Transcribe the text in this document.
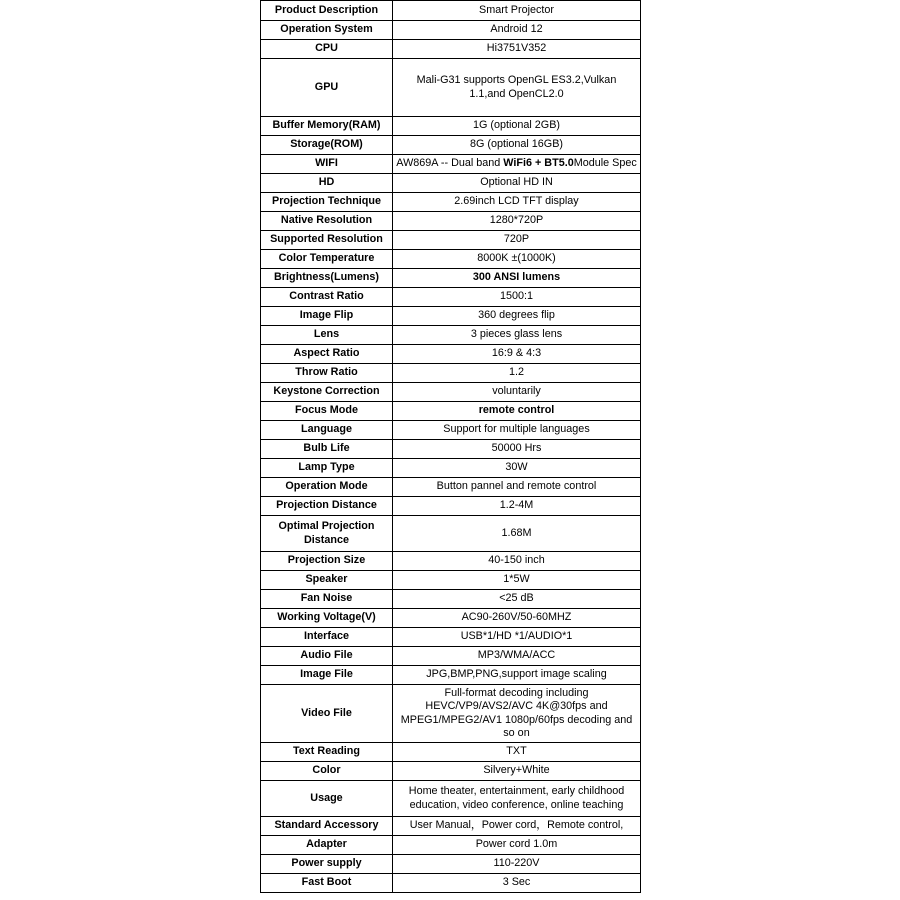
Product Description	Smart Projector
Operation System	Android 12
CPU	Hi3751V352
GPU	Mali-G31 supports OpenGL ES3.2,Vulkan 1.1,and OpenCL2.0
Buffer Memory(RAM)	1G (optional 2GB)
Storage(ROM)	8G (optional 16GB)
WIFI	AW869A -- Dual band WiFi6 + BT5.0Module Spec
HD	Optional HD IN
Projection Technique	2.69inch LCD TFT display
Native Resolution	1280*720P
Supported Resolution	720P
Color Temperature	8000K ±(1000K)
Brightness(Lumens)	300 ANSI lumens
Contrast Ratio	1500:1
Image Flip	360 degrees flip
Lens	3 pieces glass lens
Aspect Ratio	16:9 & 4:3
Throw Ratio	1.2
Keystone Correction	voluntarily
Focus Mode	remote control
Language	Support for multiple languages
Bulb Life	50000 Hrs
Lamp Type	30W
Operation Mode	Button pannel and remote control
Projection Distance	1.2-4M
Optimal Projection Distance	1.68M
Projection Size	40-150 inch
Speaker	1*5W
Fan Noise	<25 dB
Working Voltage(V)	AC90-260V/50-60MHZ
Interface	USB*1/HD *1/AUDIO*1
Audio File	MP3/WMA/ACC
Image File	JPG,BMP,PNG,support image scaling
Video File	Full-format decoding including HEVC/VP9/AVS2/AVC 4K@30fps and MPEG1/MPEG2/AV1 1080p/60fps decoding and so on
Text Reading	TXT
Color	Silvery+White
Usage	Home theater, entertainment, early childhood education, video conference, online teaching
Standard Accessory	User Manual，Power cord，Remote control,
Adapter	Power cord 1.0m
Power supply	110-220V
Fast Boot	3 Sec
